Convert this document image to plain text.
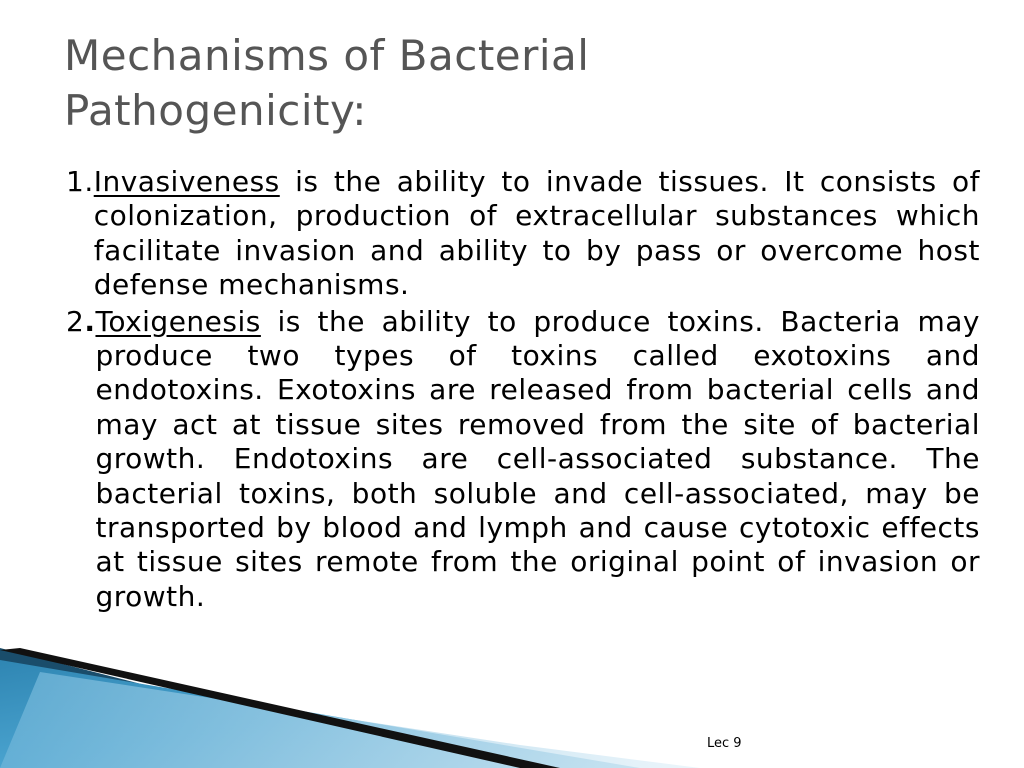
Mechanisms of Bacterial
Pathogenicity:
1. Invasiveness is the ability to invade tissues. It consists of colonization, production of extracellular substances which facilitate invasion and ability to by pass or overcome host defense mechanisms.
2. Toxigenesis is the ability to produce toxins. Bacteria may produce two types of toxins called exotoxins and endotoxins. Exotoxins are released from bacterial cells and may act at tissue sites removed from the site of bacterial growth. Endotoxins are cell-associated substance. The bacterial toxins, both soluble and cell-associated, may be transported by blood and lymph and cause cytotoxic effects at tissue sites remote from the original point of invasion or growth.
Lec 9
